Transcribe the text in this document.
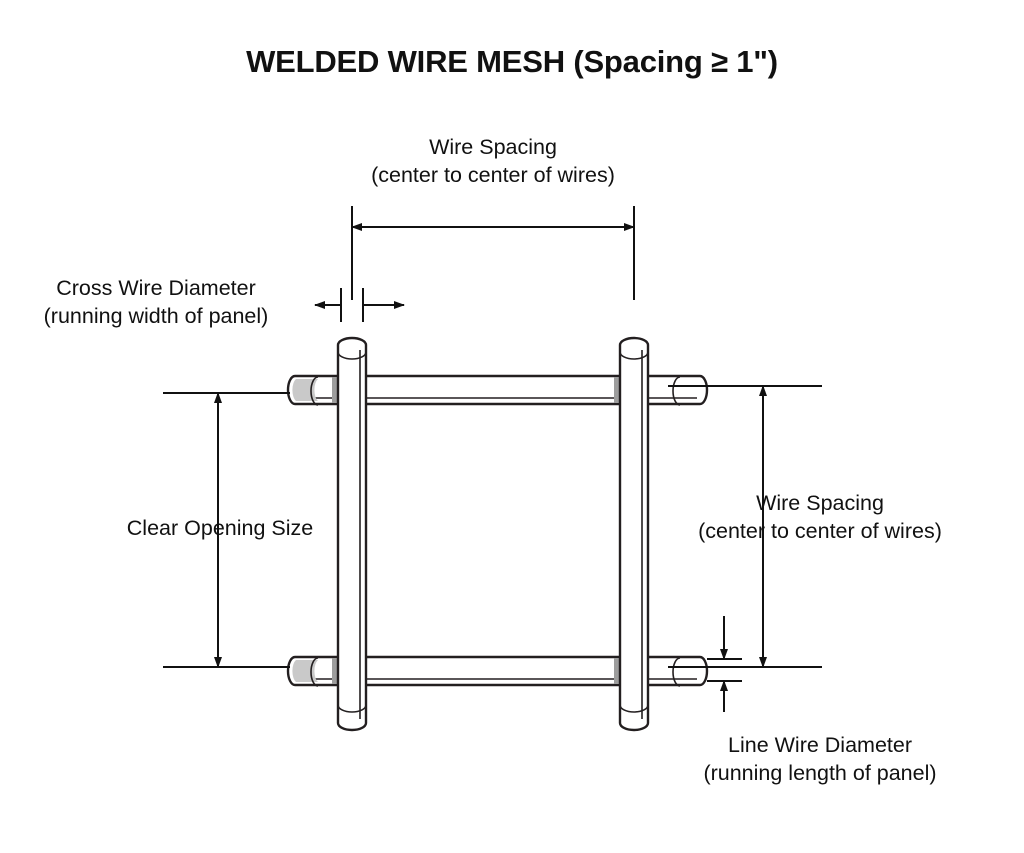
WELDED WIRE MESH (Spacing ≥ 1")
Wire Spacing
(center to center of wires)
Cross Wire Diameter
(running width of panel)
Clear Opening Size
Wire Spacing
(center to center of wires)
Line Wire Diameter
(running length of panel)
